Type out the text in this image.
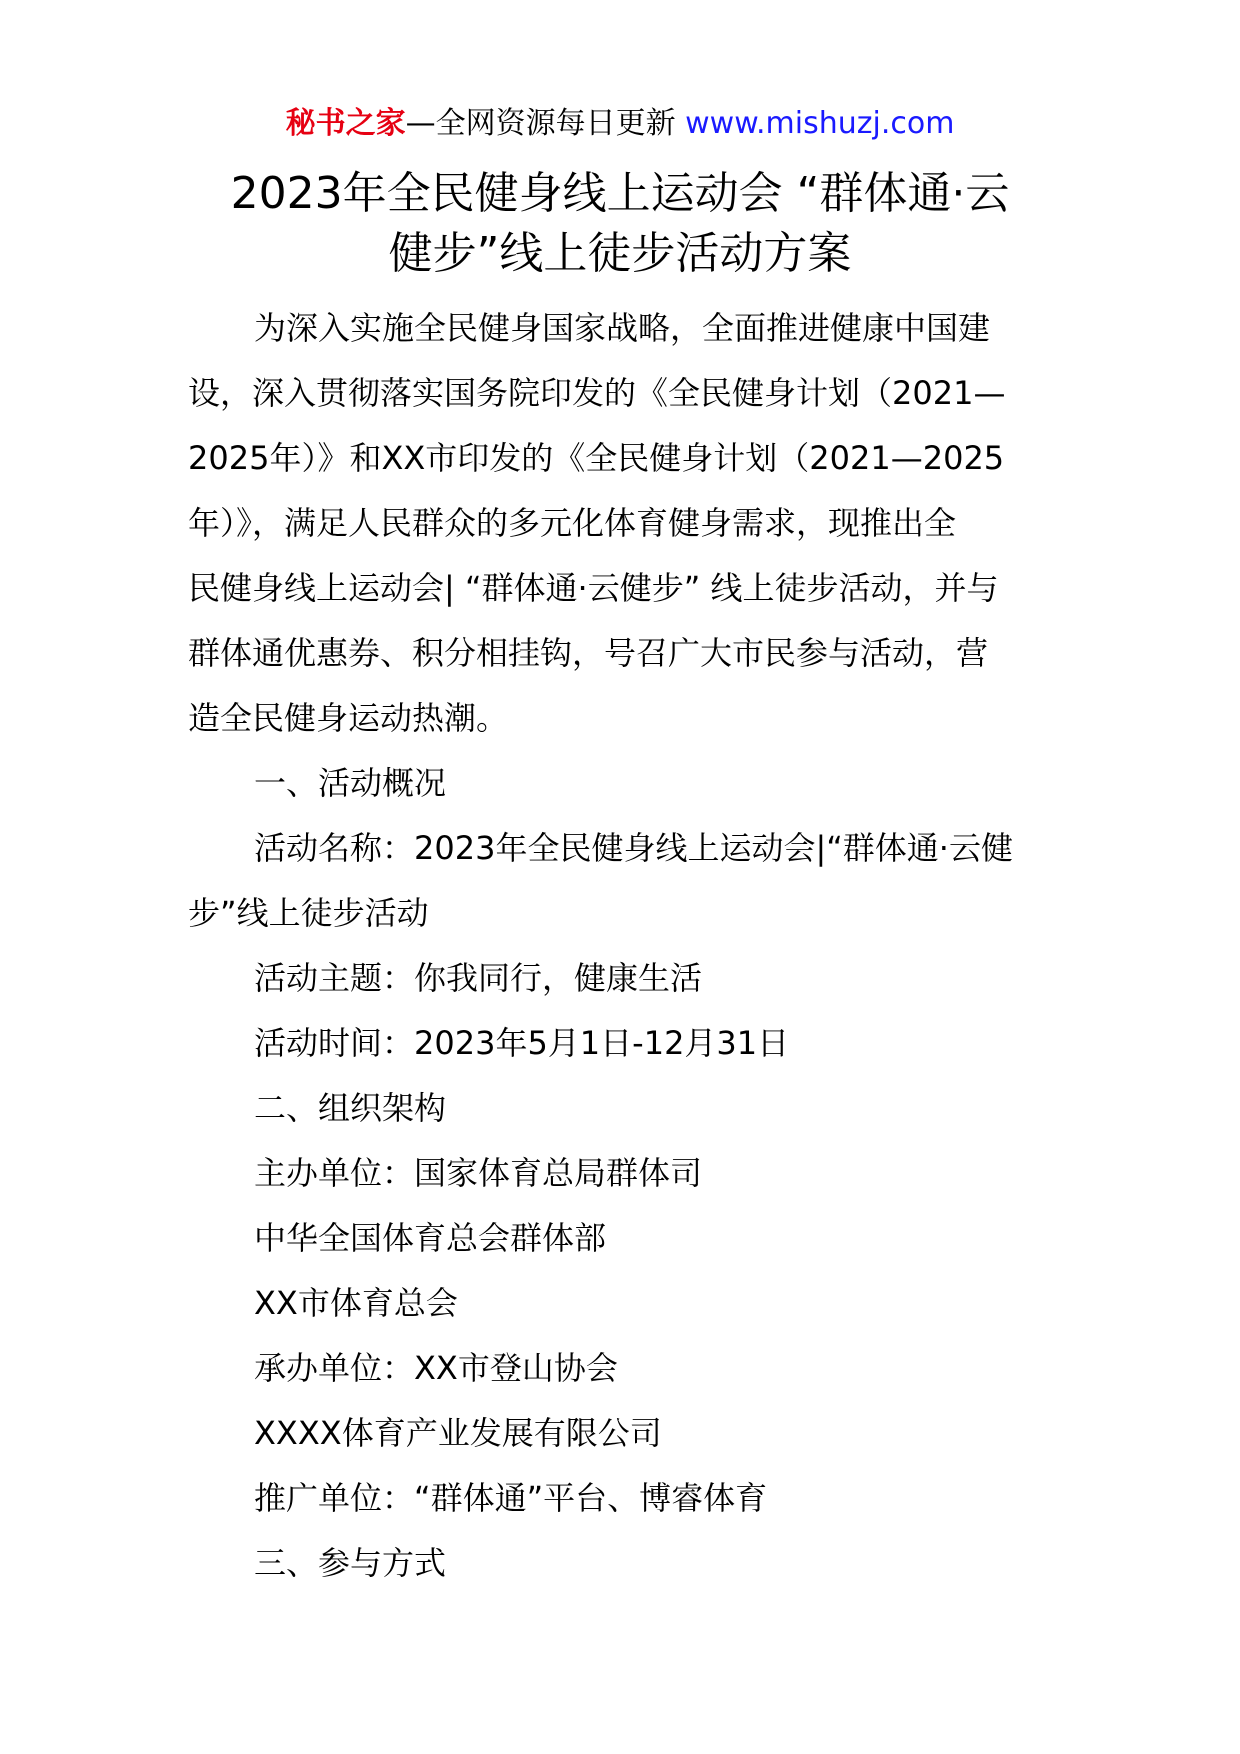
秘书之家—全网资源每日更新 www.mishuzj.com
2023年全民健身线上运动会 “群体通·云
健步”线上徒步活动方案

为深入实施全民健身国家战略，全面推进健康中国建

设，深入贯彻落实国务院印发的《全民健身计划（2021—

2025年）》和XX市印发的《全民健身计划（2021—2025

年）》，满足人民群众的多元化体育健身需求，现推出全

民健身线上运动会| “群体通·云健步” 线上徒步活动，并与

群体通优惠券、积分相挂钩，号召广大市民参与活动，营

造全民健身运动热潮。

一、活动概况

活动名称：2023年全民健身线上运动会|“群体通·云健

步”线上徒步活动

活动主题：你我同行，健康生活

活动时间：2023年5月1日-12月31日

二、组织架构

主办单位：国家体育总局群体司

中华全国体育总会群体部

XX市体育总会

承办单位：XX市登山协会

XXXX体育产业发展有限公司

推广单位：“群体通”平台、博睿体育

三、参与方式
